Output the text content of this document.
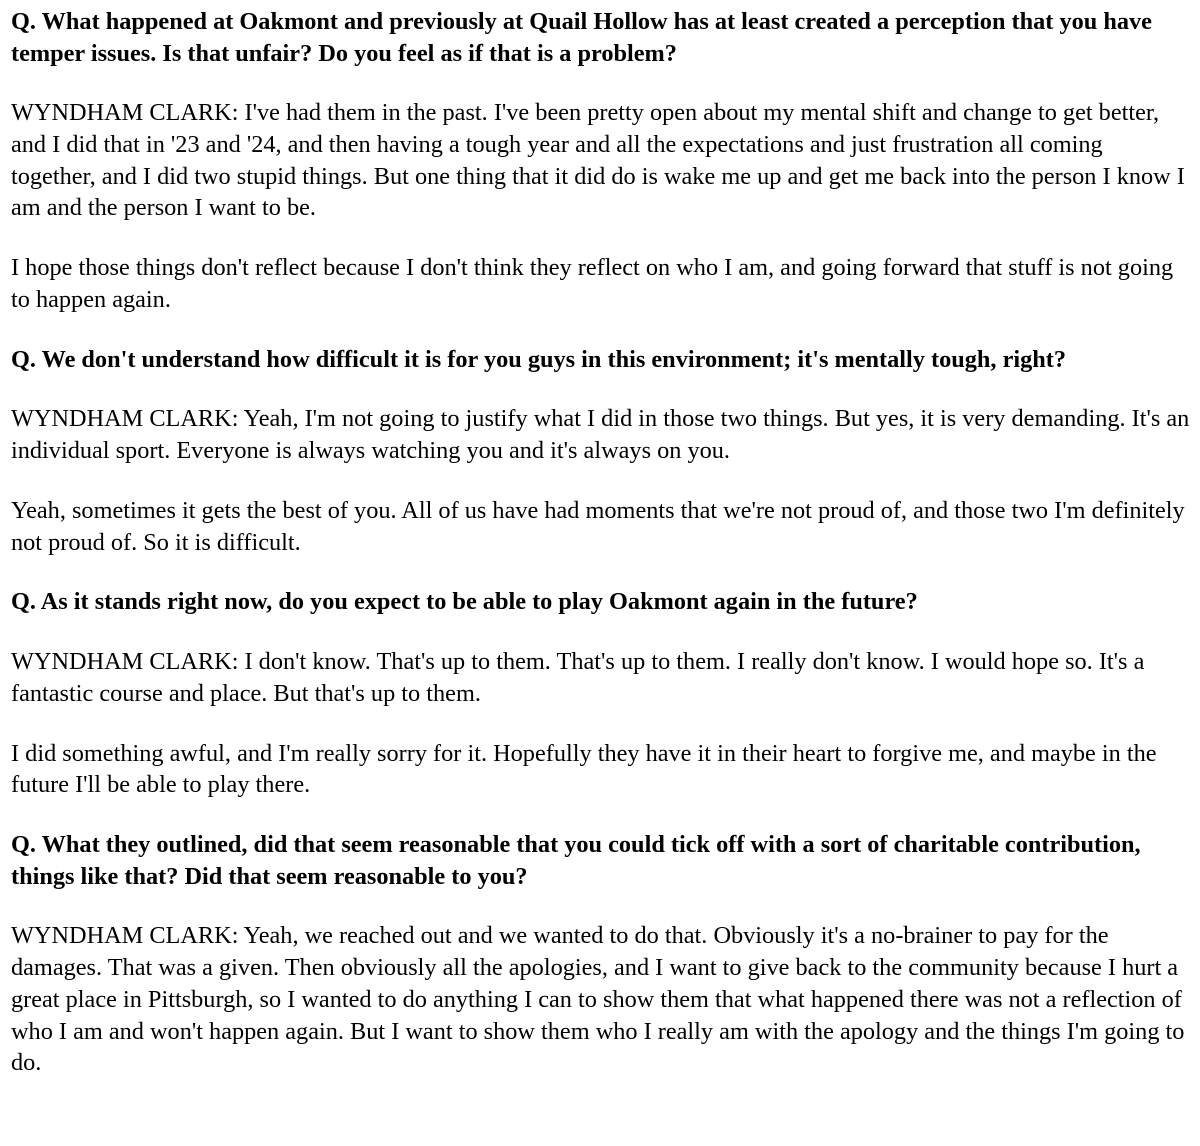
Q. What happened at Oakmont and previously at Quail Hollow has at least created a perception that you have temper issues. Is that unfair? Do you feel as if that is a problem?

WYNDHAM CLARK: I've had them in the past. I've been pretty open about my mental shift and change to get better, and I did that in '23 and '24, and then having a tough year and all the expectations and just frustration all coming together, and I did two stupid things. But one thing that it did do is wake me up and get me back into the person I know I am and the person I want to be.

I hope those things don't reflect because I don't think they reflect on who I am, and going forward that stuff is not going to happen again.

Q. We don't understand how difficult it is for you guys in this environment; it's mentally tough, right?

WYNDHAM CLARK: Yeah, I'm not going to justify what I did in those two things. But yes, it is very demanding. It's an individual sport. Everyone is always watching you and it's always on you.

Yeah, sometimes it gets the best of you. All of us have had moments that we're not proud of, and those two I'm definitely not proud of. So it is difficult.

Q. As it stands right now, do you expect to be able to play Oakmont again in the future?

WYNDHAM CLARK: I don't know. That's up to them. That's up to them. I really don't know. I would hope so. It's a fantastic course and place. But that's up to them.

I did something awful, and I'm really sorry for it. Hopefully they have it in their heart to forgive me, and maybe in the future I'll be able to play there.

Q. What they outlined, did that seem reasonable that you could tick off with a sort of charitable contribution, things like that? Did that seem reasonable to you?

WYNDHAM CLARK: Yeah, we reached out and we wanted to do that. Obviously it's a no-brainer to pay for the damages. That was a given. Then obviously all the apologies, and I want to give back to the community because I hurt a great place in Pittsburgh, so I wanted to do anything I can to show them that what happened there was not a reflection of who I am and won't happen again. But I want to show them who I really am with the apology and the things I'm going to do.
